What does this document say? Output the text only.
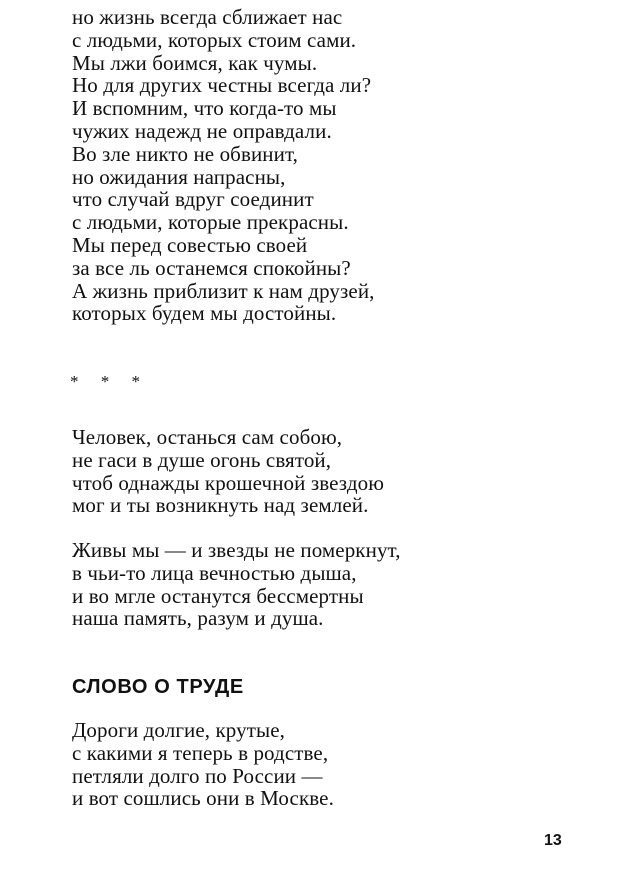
но жизнь всегда сближает нас
с людьми, которых стоим сами.
Мы лжи боимся, как чумы.
Но для других честны всегда ли?
И вспомним, что когда-то мы
чужих надежд не оправдали.
Во зле никто не обвинит,
но ожидания напрасны,
что случай вдруг соединит
с людьми, которые прекрасны.
Мы перед совестью своей
за все ль останемся спокойны?
А жизнь приблизит к нам друзей,
которых будем мы достойны.
* * *
Человек, останься сам собою,
не гаси в душе огонь святой,
чтоб однажды крошечной звездою
мог и ты возникнуть над землей.
Живы мы — и звезды не померкнут,
в чьи-то лица вечностью дыша,
и во мгле останутся бессмертны
наша память, разум и душа.
СЛОВО О ТРУДЕ
Дороги долгие, крутые,
с какими я теперь в родстве,
петляли долго по России —
и вот сошлись они в Москве.
13
